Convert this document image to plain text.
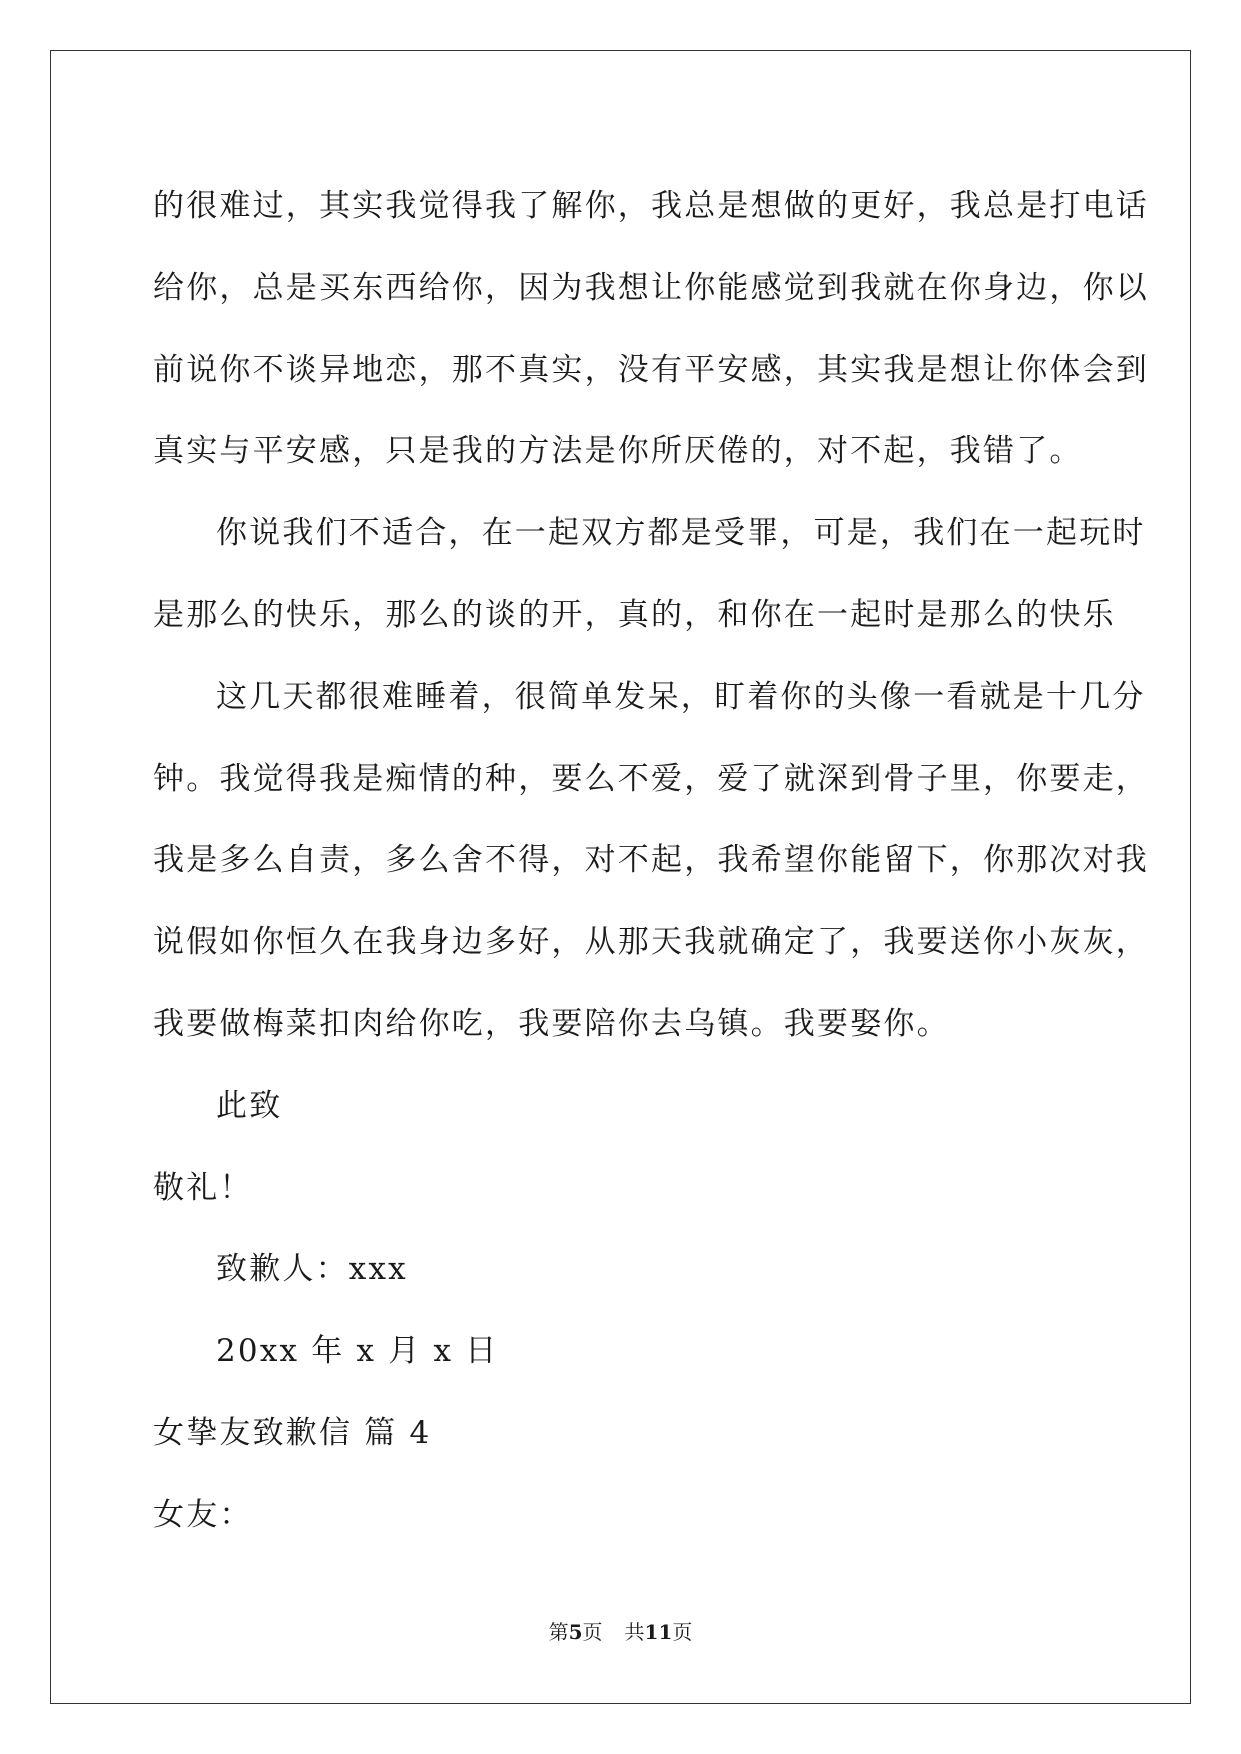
的很难过，其实我觉得我了解你，我总是想做的更好，我总是打电话

给你，总是买东西给你，因为我想让你能感觉到我就在你身边，你以

前说你不谈异地恋，那不真实，没有平安感，其实我是想让你体会到

真实与平安感，只是我的方法是你所厌倦的，对不起，我错了。

你说我们不适合，在一起双方都是受罪，可是，我们在一起玩时

是那么的快乐，那么的谈的开，真的，和你在一起时是那么的快乐

这几天都很难睡着，很简单发呆，盯着你的头像一看就是十几分

钟。我觉得我是痴情的种，要么不爱，爱了就深到骨子里，你要走，

我是多么自责，多么舍不得，对不起，我希望你能留下，你那次对我

说假如你恒久在我身边多好，从那天我就确定了，我要送你小灰灰，

我要做梅菜扣肉给你吃，我要陪你去乌镇。我要娶你。

此致

敬礼！

致歉人：xxx

20xx 年 x 月 x 日

女挚友致歉信 篇 4

女友：

第5页 共11页
